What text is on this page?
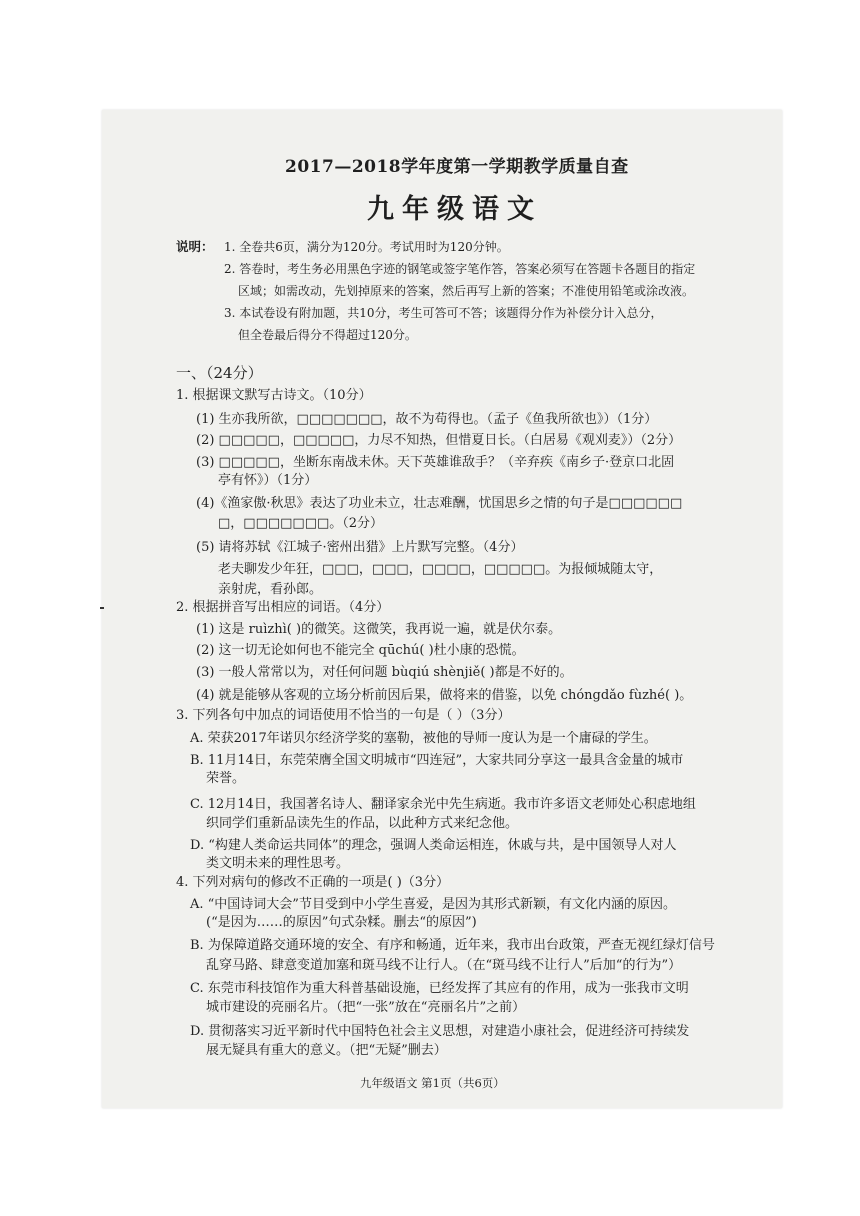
2017—2018学年度第一学期教学质量自查
九年级语文
说明： 1. 全卷共6页，满分为120分。考试用时为120分钟。
2. 答卷时，考生务必用黑色字迹的钢笔或签字笔作答，答案必须写在答题卡各题目的指定
区域；如需改动，先划掉原来的答案，然后再写上新的答案；不准使用铅笔或涂改液。
3. 本试卷设有附加题，共10分，考生可答可不答；该题得分作为补偿分计入总分，
但全卷最后得分不得超过120分。
一、（24分）
1. 根据课文默写古诗文。（10分）
(1) 生亦我所欲，□□□□□□□，故不为苟得也。（孟子《鱼我所欲也》）（1分）
(2) □□□□□，□□□□□，力尽不知热，但惜夏日长。（白居易《观刈麦》）（2分）
(3) □□□□□，坐断东南战未休。天下英雄谁敌手？（辛弃疾《南乡子·登京口北固
亭有怀》）（1分）
(4)《渔家傲·秋思》表达了功业未立，壮志难酬，忧国思乡之情的句子是□□□□□□
□，□□□□□□□。（2分）
(5) 请将苏轼《江城子·密州出猎》上片默写完整。（4分）
老夫聊发少年狂，□□□，□□□，□□□□，□□□□□。为报倾城随太守，
亲射虎，看孙郎。
2. 根据拼音写出相应的词语。（4分）
(1) 这是 ruìzhì( )的微笑。这微笑，我再说一遍，就是伏尔泰。
(2) 这一切无论如何也不能完全 qūchú( )杜小康的恐慌。
(3) 一般人常常以为，对任何问题 bùqiú shènjiě( )都是不好的。
(4) 就是能够从客观的立场分析前因后果，做将来的借鉴，以免 chóngdǎo fùzhé( )。
3. 下列各句中加点的词语使用不恰当的一句是（ ）（3分）
A. 荣获2017年诺贝尔经济学奖的塞勒，被他的导师一度认为是一个庸碌的学生。
B. 11月14日，东莞荣膺全国文明城市“四连冠”，大家共同分享这一最具含金量的城市
荣誉。
C. 12月14日，我国著名诗人、翻译家余光中先生病逝。我市许多语文老师处心积虑地组
织同学们重新品读先生的作品，以此种方式来纪念他。
D. “构建人类命运共同体”的理念，强调人类命运相连，休戚与共，是中国领导人对人
类文明未来的理性思考。
4. 下列对病句的修改不正确的一项是( )（3分）
A. “中国诗词大会”节目受到中小学生喜爱，是因为其形式新颖，有文化内涵的原因。
(“是因为……的原因”句式杂糅。删去“的原因”)
B. 为保障道路交通环境的安全、有序和畅通，近年来，我市出台政策，严查无视红绿灯信号
乱穿马路、肆意变道加塞和斑马线不让行人。（在“斑马线不让行人”后加“的行为”）
C. 东莞市科技馆作为重大科普基础设施，已经发挥了其应有的作用，成为一张我市文明
城市建设的亮丽名片。（把“一张”放在“亮丽名片”之前）
D. 贯彻落实习近平新时代中国特色社会主义思想，对建造小康社会，促进经济可持续发
展无疑具有重大的意义。（把“无疑”删去）
九年级语文 第1页（共6页）
